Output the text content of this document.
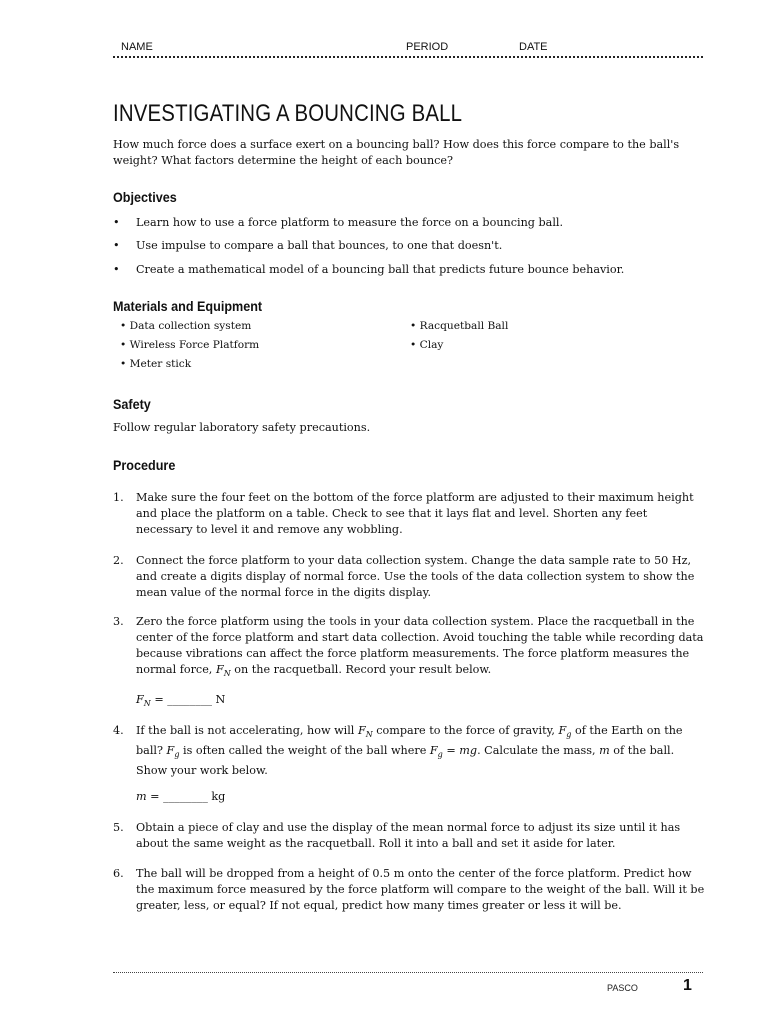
NAME	PERIOD	DATE
INVESTIGATING A BOUNCING BALL

How much force does a surface exert on a bouncing ball? How does this force compare to the ball's weight? What factors determine the height of each bounce?

Objectives
• Learn how to use a force platform to measure the force on a bouncing ball.
• Use impulse to compare a ball that bounces, to one that doesn't.
• Create a mathematical model of a bouncing ball that predicts future bounce behavior.
Materials and Equipment
• Data collection system
• Wireless Force Platform
• Meter stick
• Racquetball Ball
• Clay
Safety

Follow regular laboratory safety precautions.

Procedure
1. Make sure the four feet on the bottom of the force platform are adjusted to their maximum height and place the platform on a table. Check to see that it lays flat and level. Shorten any feet necessary to level it and remove any wobbling.
2. Connect the force platform to your data collection system. Change the data sample rate to 50 Hz, and create a digits display of normal force. Use the tools of the data collection system to show the mean value of the normal force in the digits display.
3. Zero the force platform using the tools in your data collection system. Place the racquetball in the center of the force platform and start data collection. Avoid touching the table while recording data because vibrations can affect the force platform measurements. The force platform measures the normal force, $F_N$ on the racquetball. Record your result below.
$F_N$ = ________ N
4. If the ball is not accelerating, how will $F_N$ compare to the force of gravity, $F_g$ of the Earth on the ball? $F_g$ is often called the weight of the ball where $F_g$ = mg. Calculate the mass, m of the ball. Show your work below.
m = ________ kg
5. Obtain a piece of clay and use the display of the mean normal force to adjust its size until it has about the same weight as the racquetball. Roll it into a ball and set it aside for later.
6. The ball will be dropped from a height of 0.5 m onto the center of the force platform. Predict how the maximum force measured by the force platform will compare to the weight of the ball. Will it be greater, less, or equal? If not equal, predict how many times greater or less it will be.
PASCO	1
